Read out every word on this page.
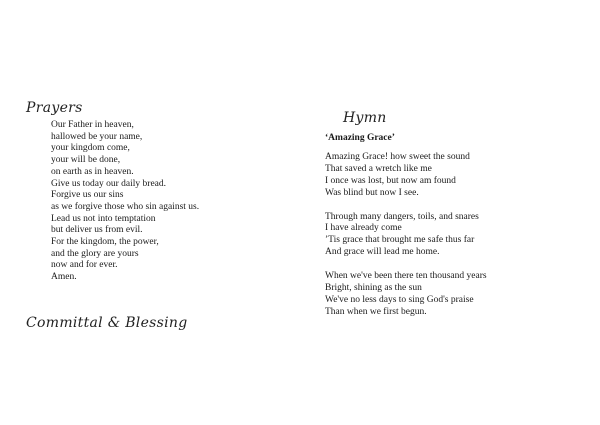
Prayers
Our Father in heaven,
hallowed be your name,
your kingdom come,
your will be done,
on earth as in heaven.
Give us today our daily bread.
Forgive us our sins
as we forgive those who sin against us.
Lead us not into temptation
but deliver us from evil.
For the kingdom, the power,
and the glory are yours
now and for ever.
Amen.
Committal & Blessing
Hymn
‘Amazing Grace’
Amazing Grace! how sweet the sound
That saved a wretch like me
I once was lost, but now am found
Was blind but now I see.
Through many dangers, toils, and snares
I have already come
’Tis grace that brought me safe thus far
And grace will lead me home.
When we've been there ten thousand years
Bright, shining as the sun
We've no less days to sing God's praise
Than when we first begun.
